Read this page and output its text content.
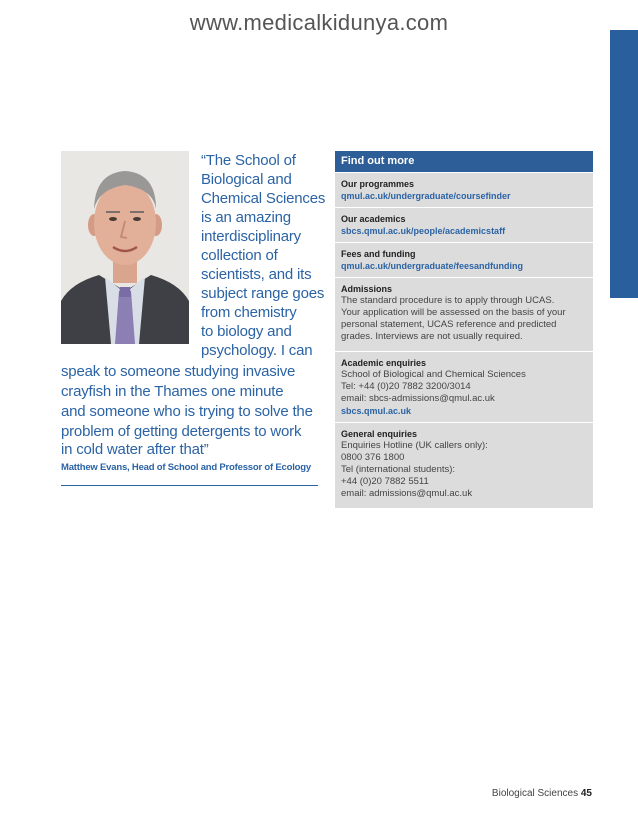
www.medicalkidunya.com
“The School of
Biological and
Chemical Sciences
is an amazing
interdisciplinary
collection of
scientists, and its
subject range goes
from chemistry
to biology and
psychology. I can
speak to someone studying invasive
crayfish in the Thames one minute
and someone who is trying to solve the
problem of getting detergents to work
in cold water after that”
Matthew Evans, Head of School and Professor of Ecology
Find out more
Our programmes
qmul.ac.uk/undergraduate/coursefinder
Our academics
sbcs.qmul.ac.uk/people/academicstaff
Fees and funding
qmul.ac.uk/undergraduate/feesandfunding
Admissions
The standard procedure is to apply through UCAS.
Your application will be assessed on the basis of your
personal statement, UCAS reference and predicted
grades. Interviews are not usually required.
Academic enquiries
School of Biological and Chemical Sciences
Tel: +44 (0)20 7882 3200/3014
email: sbcs-admissions@qmul.ac.uk
sbcs.qmul.ac.uk
General enquiries
Enquiries Hotline (UK callers only):
0800 376 1800
Tel (international students):
+44 (0)20 7882 5511
email: admissions@qmul.ac.uk
Biological Sciences 45
